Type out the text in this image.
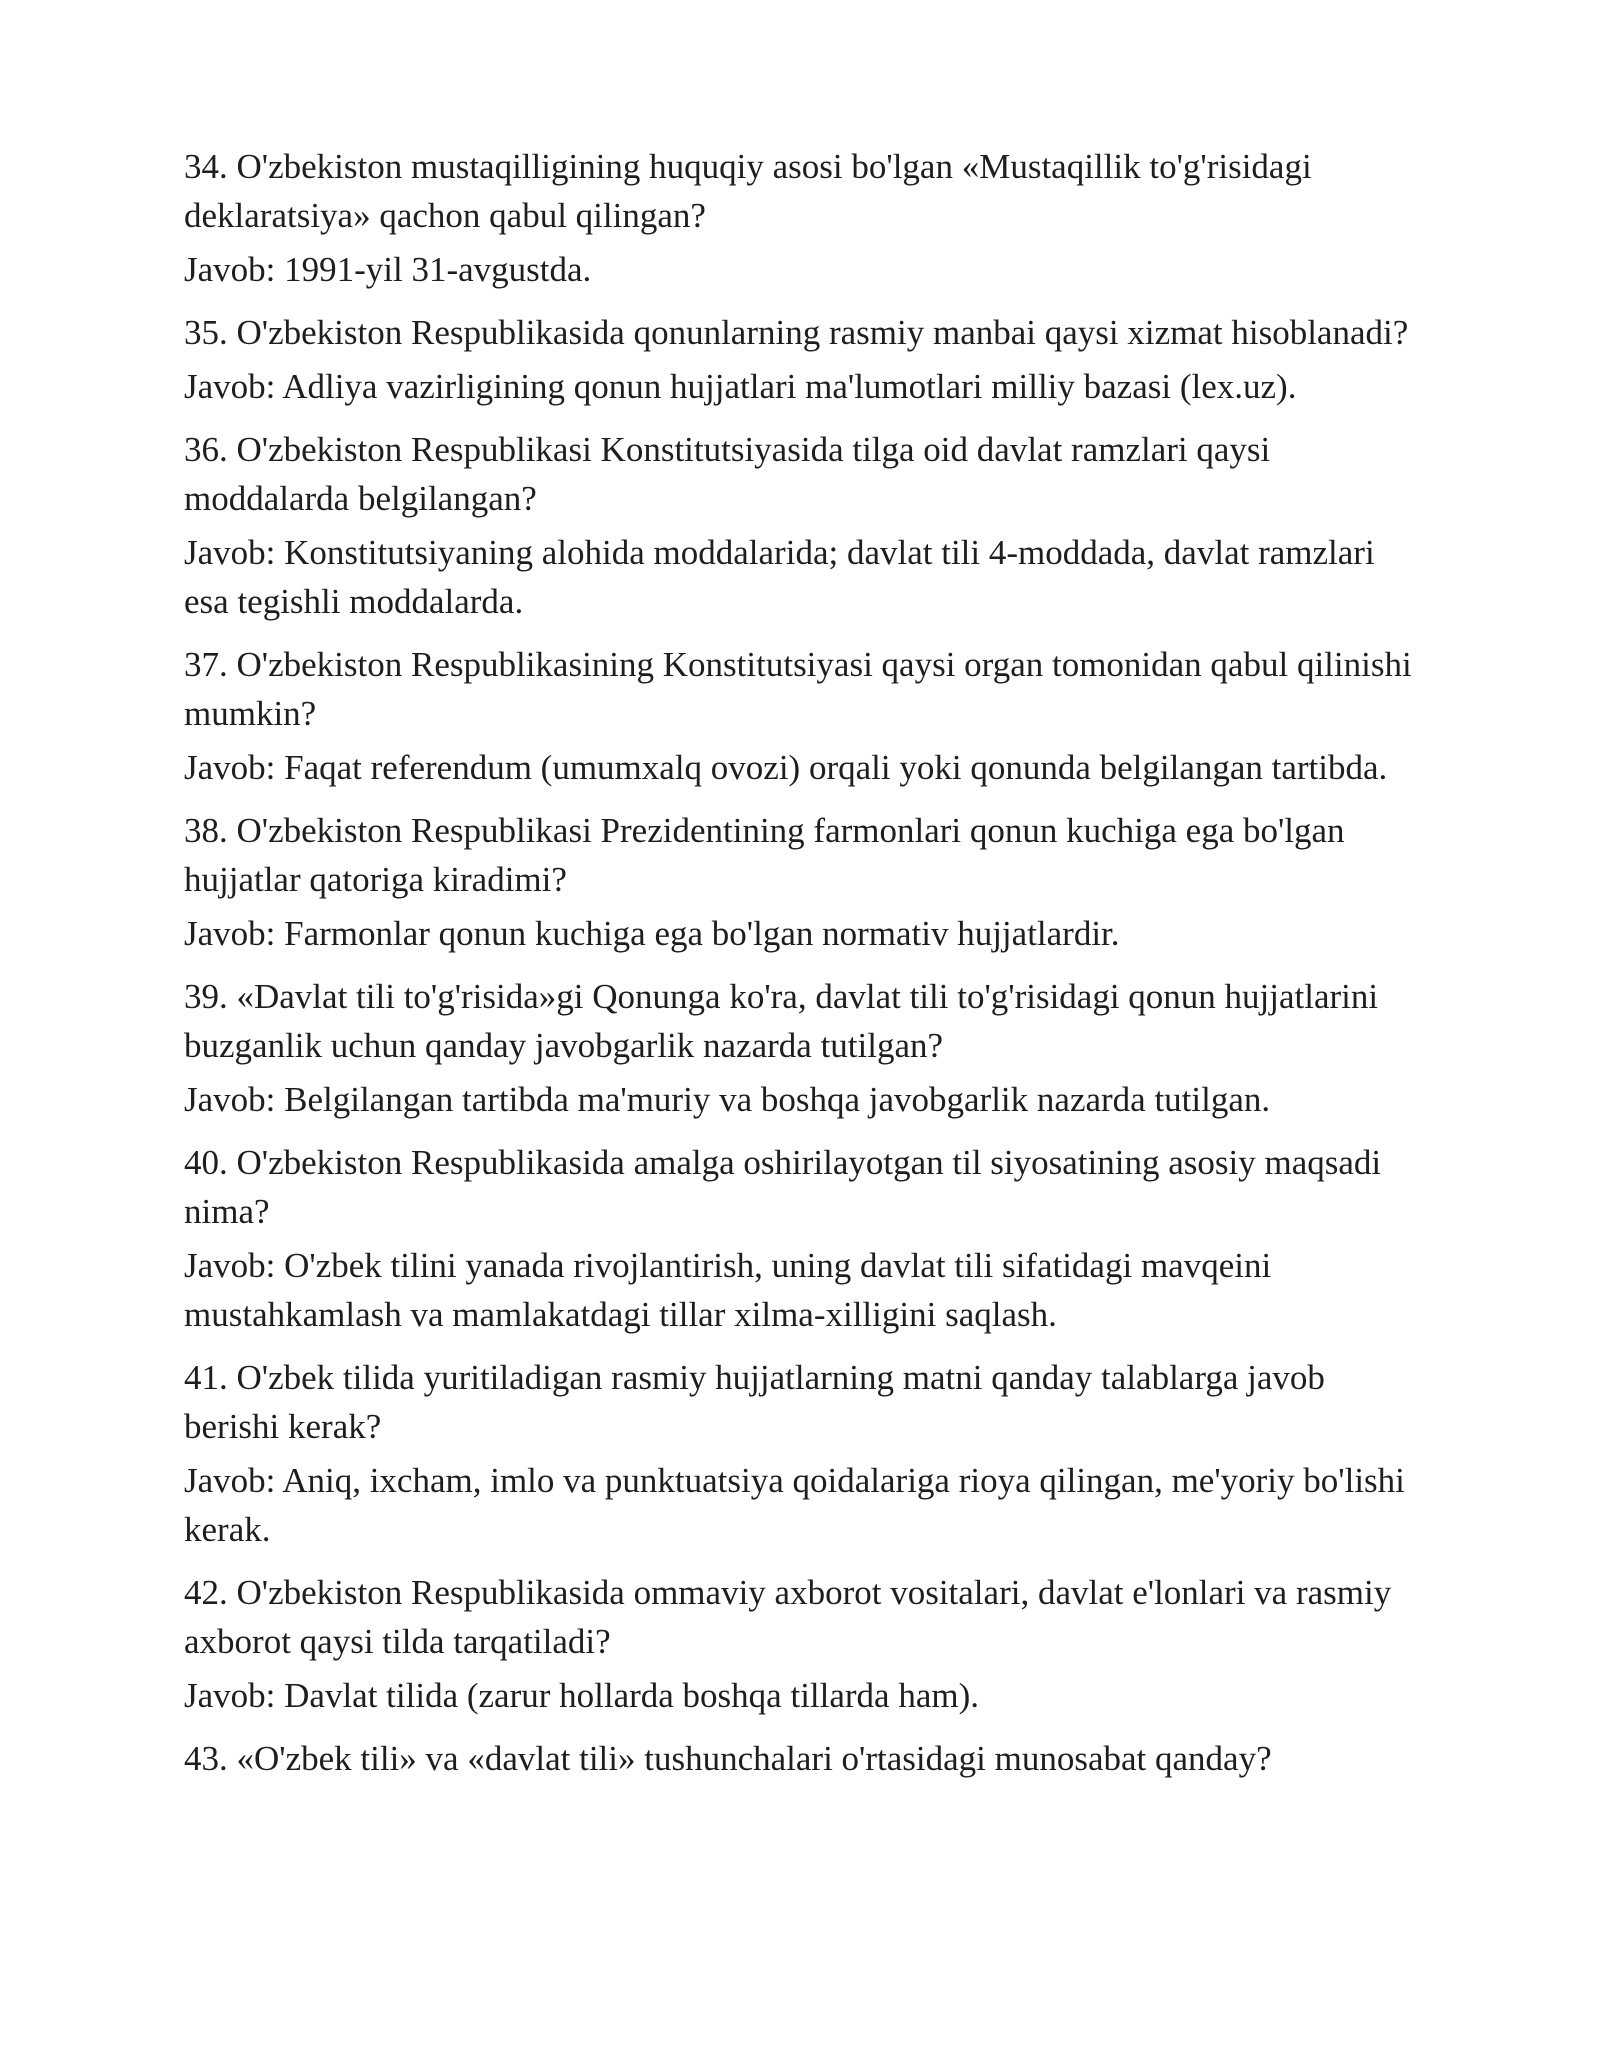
34. O'zbekiston mustaqilligining huquqiy asosi bo'lgan «Mustaqillik to'g'risidagi deklaratsiya» qachon qabul qilingan?

Javob: 1991-yil 31-avgustda.

35. O'zbekiston Respublikasida qonunlarning rasmiy manbai qaysi xizmat hisoblanadi?

Javob: Adliya vazirligining qonun hujjatlari ma'lumotlari milliy bazasi (lex.uz).

36. O'zbekiston Respublikasi Konstitutsiyasida tilga oid davlat ramzlari qaysi moddalarda belgilangan?

Javob: Konstitutsiyaning alohida moddalarida; davlat tili 4-moddada, davlat ramzlari esa tegishli moddalarda.

37. O'zbekiston Respublikasining Konstitutsiyasi qaysi organ tomonidan qabul qilinishi mumkin?

Javob: Faqat referendum (umumxalq ovozi) orqali yoki qonunda belgilangan tartibda.

38. O'zbekiston Respublikasi Prezidentining farmonlari qonun kuchiga ega bo'lgan hujjatlar qatoriga kiradimi?

Javob: Farmonlar qonun kuchiga ega bo'lgan normativ hujjatlardir.

39. «Davlat tili to'g'risida»gi Qonunga ko'ra, davlat tili to'g'risidagi qonun hujjatlarini buzganlik uchun qanday javobgarlik nazarda tutilgan?

Javob: Belgilangan tartibda ma'muriy va boshqa javobgarlik nazarda tutilgan.

40. O'zbekiston Respublikasida amalga oshirilayotgan til siyosatining asosiy maqsadi nima?

Javob: O'zbek tilini yanada rivojlantirish, uning davlat tili sifatidagi mavqeini mustahkamlash va mamlakatdagi tillar xilma-xilligini saqlash.

41. O'zbek tilida yuritiladigan rasmiy hujjatlarning matni qanday talablarga javob berishi kerak?

Javob: Aniq, ixcham, imlo va punktuatsiya qoidalariga rioya qilingan, me'yoriy bo'lishi kerak.

42. O'zbekiston Respublikasida ommaviy axborot vositalari, davlat e'lonlari va rasmiy axborot qaysi tilda tarqatiladi?

Javob: Davlat tilida (zarur hollarda boshqa tillarda ham).

43. «O'zbek tili» va «davlat tili» tushunchalari o'rtasidagi munosabat qanday?
